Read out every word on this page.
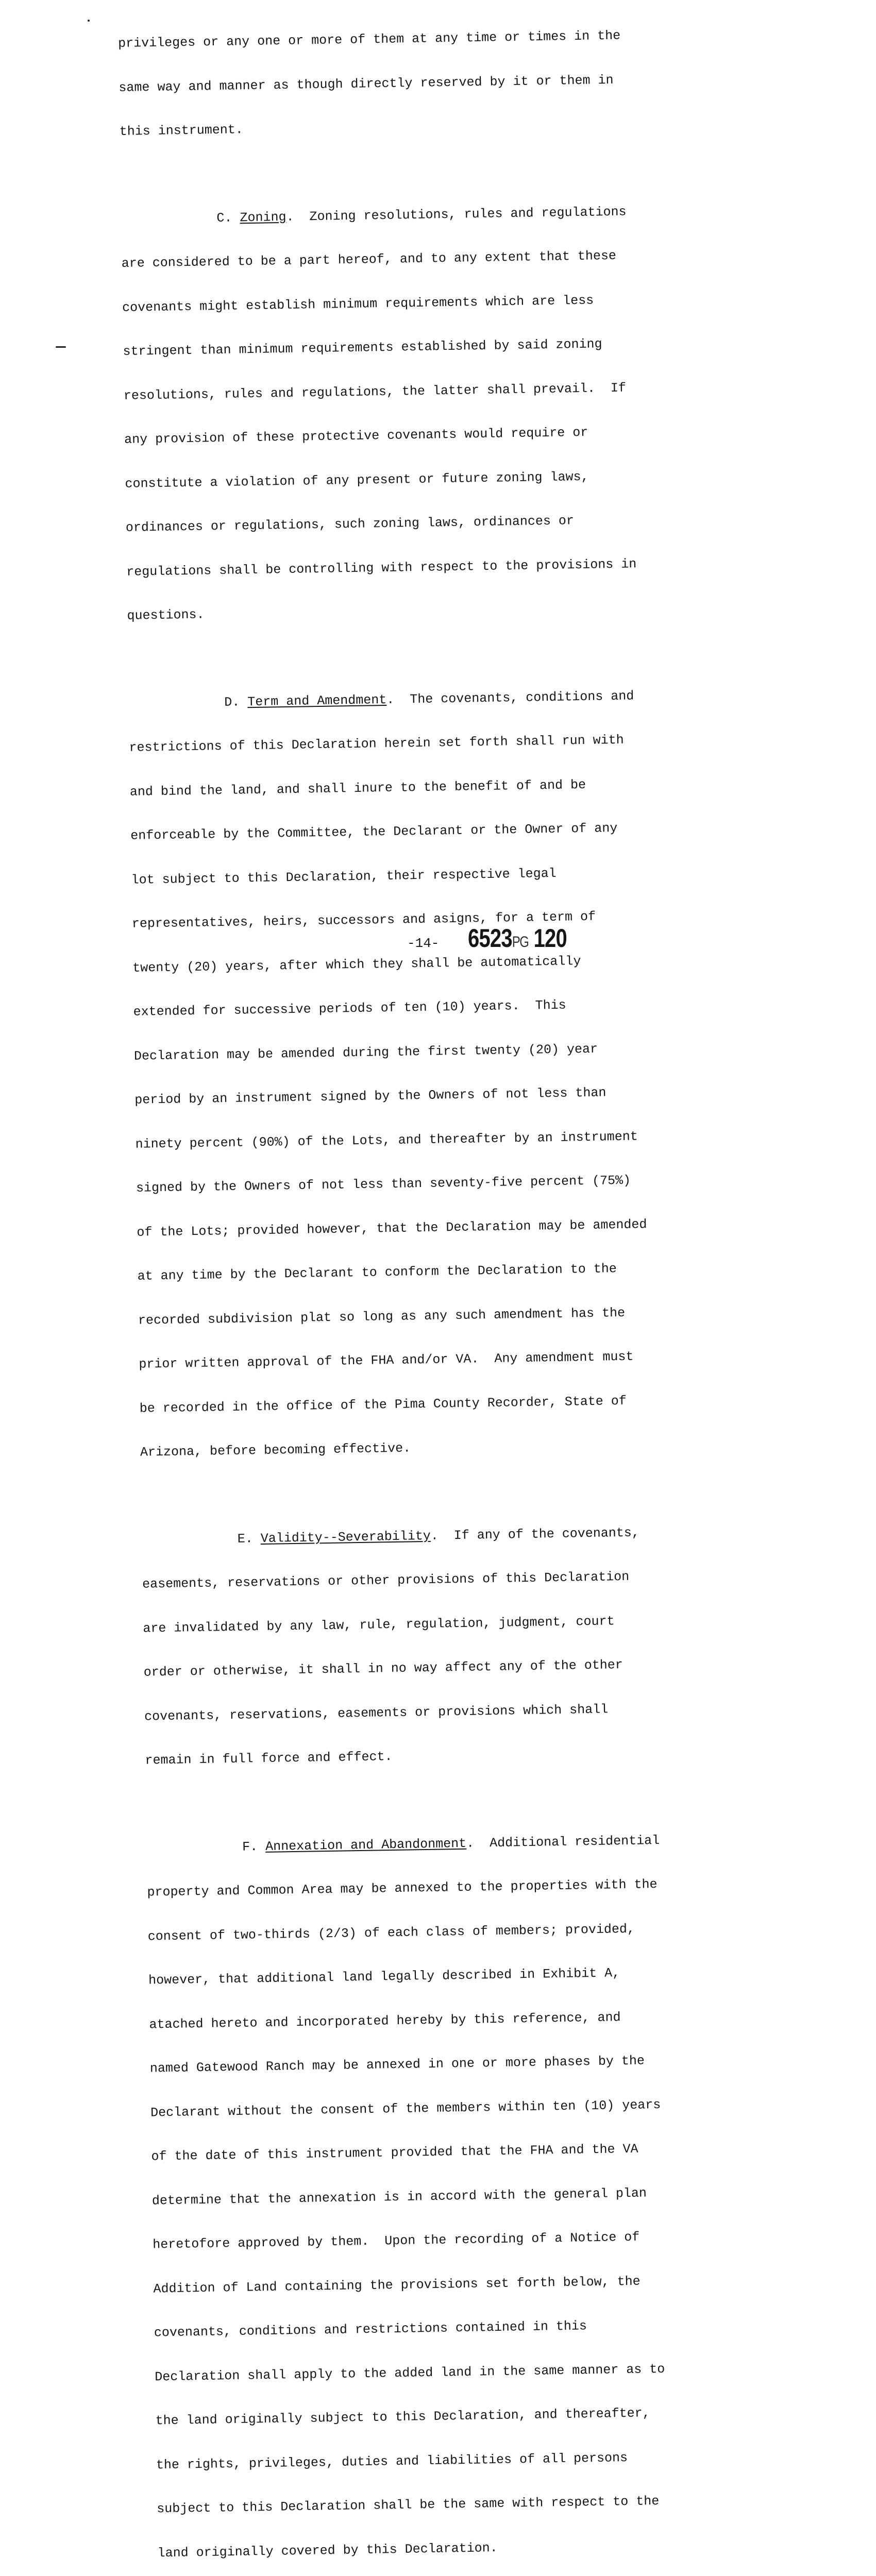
privileges or any one or more of them at any time or times in the

same way and manner as though directly reserved by it or them in

this instrument.

C. Zoning.  Zoning resolutions, rules and regulations

are considered to be a part hereof, and to any extent that these

covenants might establish minimum requirements which are less

stringent than minimum requirements established by said zoning

resolutions, rules and regulations, the latter shall prevail.  If

any provision of these protective covenants would require or

constitute a violation of any present or future zoning laws,

ordinances or regulations, such zoning laws, ordinances or

regulations shall be controlling with respect to the provisions in

questions.

D. Term and Amendment.  The covenants, conditions and

restrictions of this Declaration herein set forth shall run with

and bind the land, and shall inure to the benefit of and be

enforceable by the Committee, the Declarant or the Owner of any

lot subject to this Declaration, their respective legal

representatives, heirs, successors and asigns, for a term of

twenty (20) years, after which they shall be automatically

extended for successive periods of ten (10) years.  This

Declaration may be amended during the first twenty (20) year

period by an instrument signed by the Owners of not less than

ninety percent (90%) of the Lots, and thereafter by an instrument

signed by the Owners of not less than seventy-five percent (75%)

of the Lots; provided however, that the Declaration may be amended

at any time by the Declarant to conform the Declaration to the

recorded subdivision plat so long as any such amendment has the

prior written approval of the FHA and/or VA.  Any amendment must

be recorded in the office of the Pima County Recorder, State of

Arizona, before becoming effective.

E. Validity--Severability.  If any of the covenants,

easements, reservations or other provisions of this Declaration

are invalidated by any law, rule, regulation, judgment, court

order or otherwise, it shall in no way affect any of the other

covenants, reservations, easements or provisions which shall

remain in full force and effect.

F. Annexation and Abandonment.  Additional residential

property and Common Area may be annexed to the properties with the

consent of two-thirds (2/3) of each class of members; provided,

however, that additional land legally described in Exhibit A,

atached hereto and incorporated hereby by this reference, and

named Gatewood Ranch may be annexed in one or more phases by the

Declarant without the consent of the members within ten (10) years

of the date of this instrument provided that the FHA and the VA

determine that the annexation is in accord with the general plan

heretofore approved by them.  Upon the recording of a Notice of

Addition of Land containing the provisions set forth below, the

covenants, conditions and restrictions contained in this

Declaration shall apply to the added land in the same manner as to

the land originally subject to this Declaration, and thereafter,

the rights, privileges, duties and liabilities of all persons

subject to this Declaration shall be the same with respect to the

land originally covered by this Declaration.

-14- 6523PG 120
